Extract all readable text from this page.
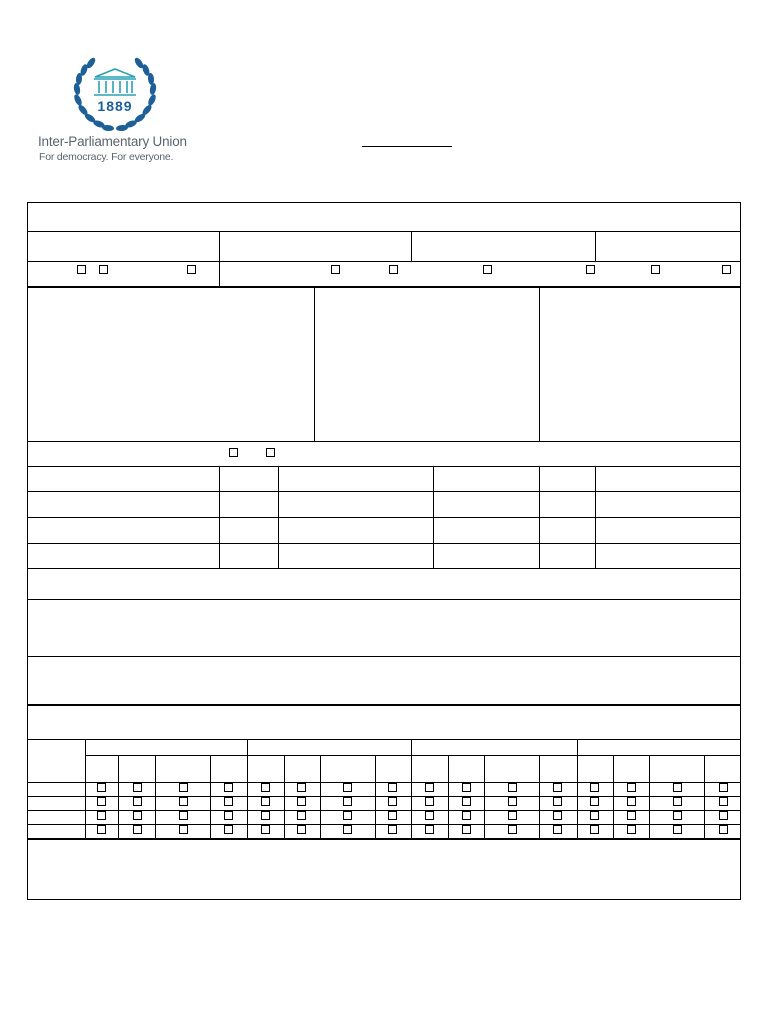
1889
Inter-Parliamentary Union
For democracy. For everyone.
